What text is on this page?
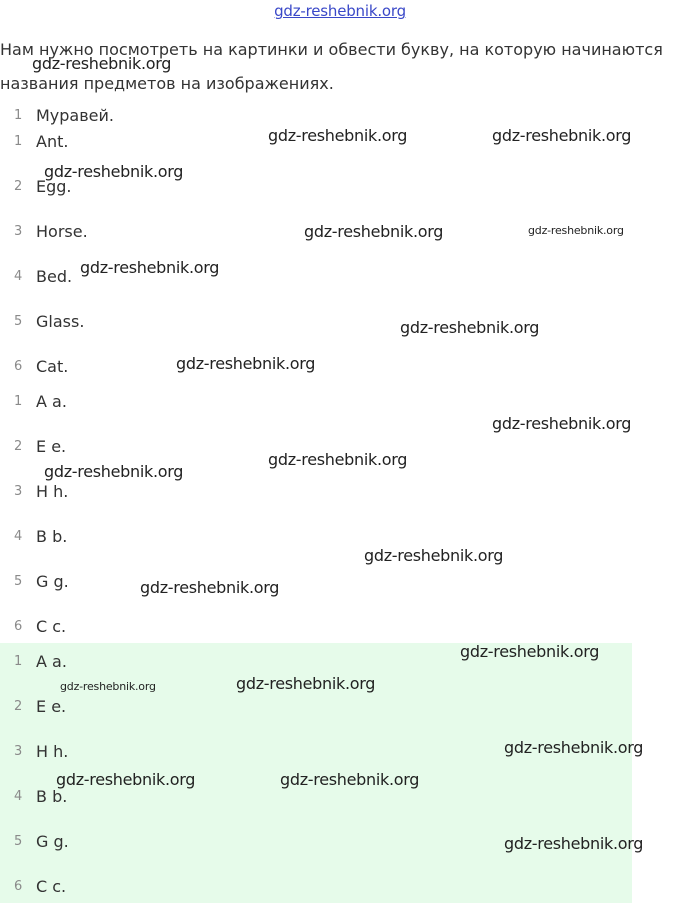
gdz-reshebnik.org

Нам нужно посмотреть на картинки и обвести букву, на которую начинаются названия предметов на изображениях.

1 Муравей.
1 Ant.
2 Egg.
3 Horse.
4 Bed.
5 Glass.
6 Cat.
1 A a.
2 E e.
3 H h.
4 B b.
5 G g.
6 C c.
1 A a.
2 E e.
3 H h.
4 B b.
5 G g.
6 C c.
gdz-reshebnik.org
gdz-reshebnik.org	gdz-reshebnik.org
gdz-reshebnik.org
gdz-reshebnik.org	gdz-reshebnik.org
gdz-reshebnik.org
gdz-reshebnik.org
gdz-reshebnik.org
gdz-reshebnik.org
gdz-reshebnik.org
gdz-reshebnik.org
gdz-reshebnik.org
gdz-reshebnik.org
gdz-reshebnik.org
gdz-reshebnik.org
gdz-reshebnik.org
gdz-reshebnik.org
gdz-reshebnik.org	gdz-reshebnik.org
gdz-reshebnik.org
